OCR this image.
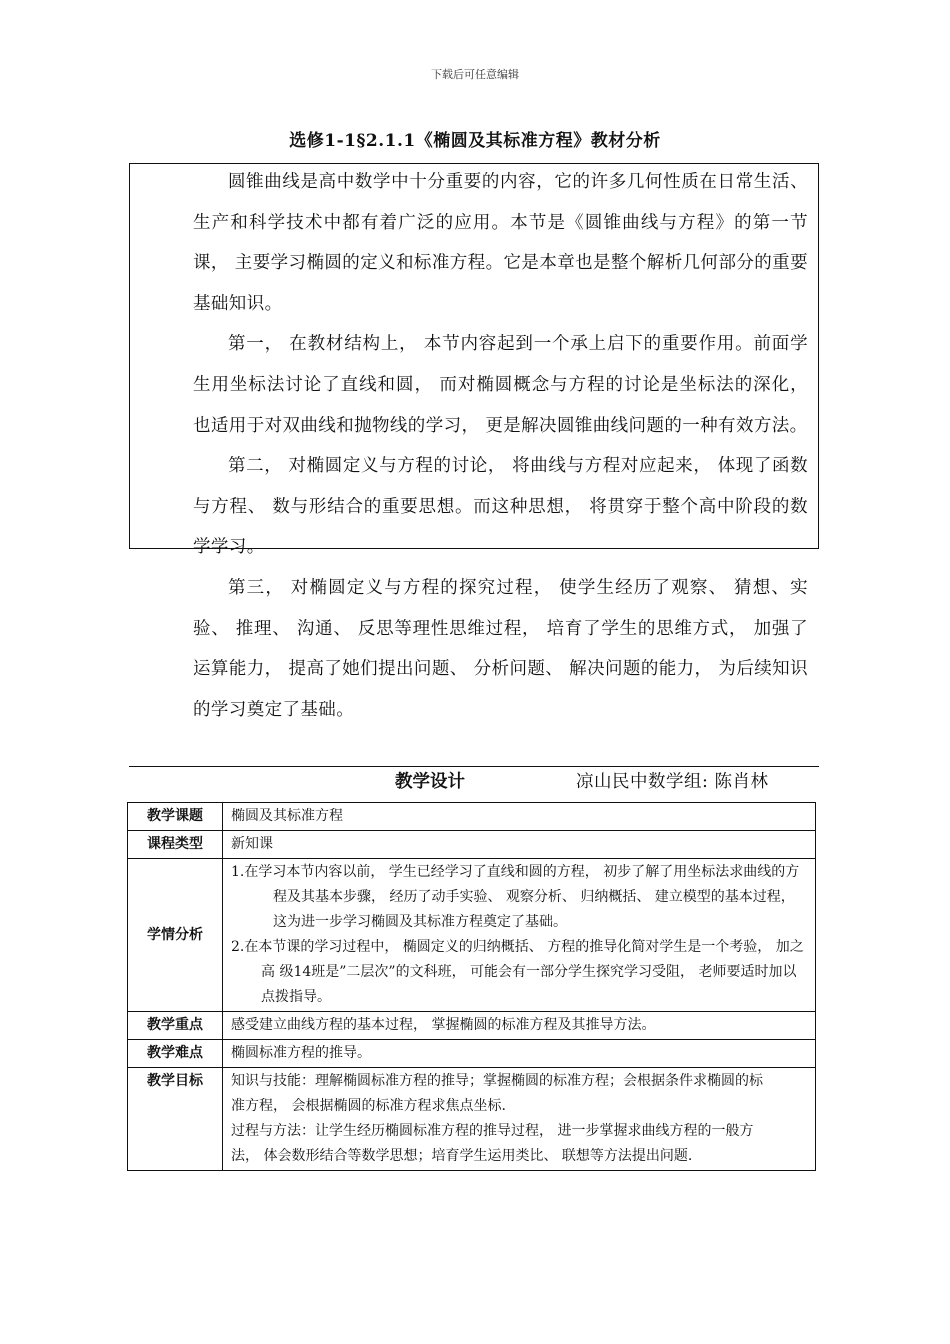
下载后可任意编辑
选修1-1§2.1.1《椭圆及其标准方程》教材分析

圆锥曲线是高中数学中十分重要的内容，它的许多几何性质在日常生活、 生产和科学技术中都有着广泛的应用。本节是《圆锥曲线与方程》的第一节课， 主要学习椭圆的定义和标准方程。它是本章也是整个解析几何部分的重要基础知识。

第一， 在教材结构上， 本节内容起到一个承上启下的重要作用。前面学生用坐标法讨论了直线和圆， 而对椭圆概念与方程的讨论是坐标法的深化， 也适用于对双曲线和抛物线的学习， 更是解决圆锥曲线问题的一种有效方法。

第二， 对椭圆定义与方程的讨论， 将曲线与方程对应起来， 体现了函数与方程、 数与形结合的重要思想。而这种思想， 将贯穿于整个高中阶段的数学学习。

第三， 对椭圆定义与方程的探究过程， 使学生经历了观察、 猜想、实验、 推理、 沟通、 反思等理性思维过程， 培育了学生的思维方式， 加强了运算能力， 提高了她们提出问题、 分析问题、 解决问题的能力， 为后续知识的学习奠定了基础。

教学设计	凉山民中数学组: 陈肖林
教学课题	椭圆及其标准方程
课程类型	新知课
学情分析	1.在学习本节内容以前， 学生已经学习了直线和圆的方程， 初步了解了用坐标法求曲线的方程及其基本步骤， 经历了动手实验、 观察分析、 归纳概括、 建立模型的基本过程， 这为进一步学习椭圆及其标准方程奠定了基础。

2.在本节课的学习过程中， 椭圆定义的归纳概括、 方程的推导化简对学生是一个考验， 加之高 级14班是”二层次”的文科班， 可能会有一部分学生探究学习受阻， 老师要适时加以点拨指导。

教学重点	感受建立曲线方程的基本过程， 掌握椭圆的标准方程及其推导方法。
教学难点	椭圆标准方程的推导。
教学目标	知识与技能：理解椭圆标准方程的推导；掌握椭圆的标准方程；会根据条件求椭圆的标准方程， 会根据椭圆的标准方程求焦点坐标.

过程与方法：让学生经历椭圆标准方程的推导过程， 进一步掌握求曲线方程的一般方法， 体会数形结合等数学思想；培育学生运用类比、 联想等方法提出问题.
